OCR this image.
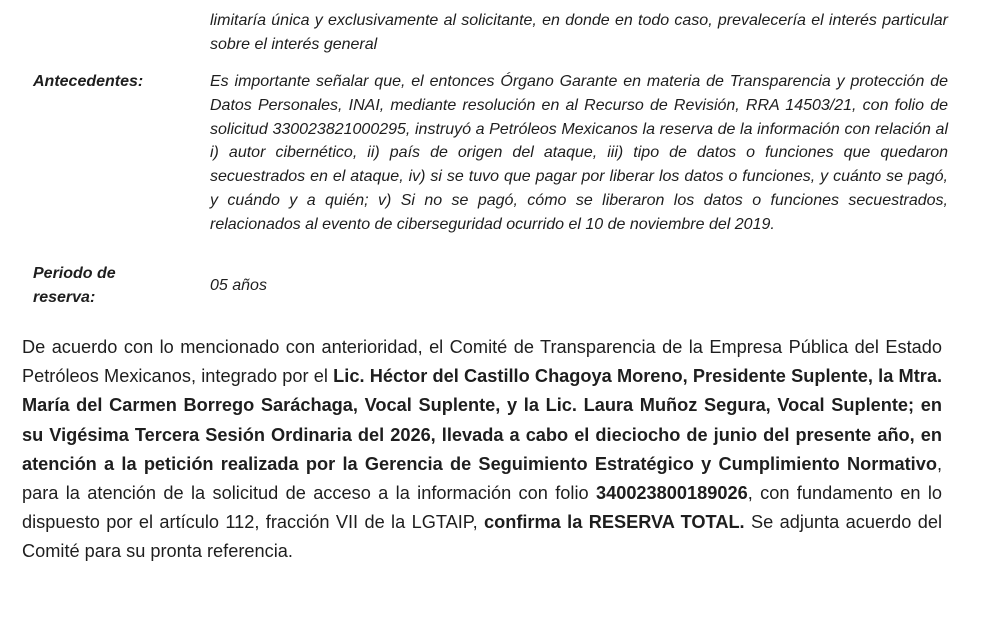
limitaría única y exclusivamente al solicitante, en donde en todo caso, prevalecería el interés particular sobre el interés general
Antecedentes:	Es importante señalar que, el entonces Órgano Garante en materia de Transparencia y protección de Datos Personales, INAI, mediante resolución en al Recurso de Revisión, RRA 14503/21, con folio de solicitud 330023821000295, instruyó a Petróleos Mexicanos la reserva de la información con relación al i) autor cibernético, ii) país de origen del ataque, iii) tipo de datos o funciones que quedaron secuestrados en el ataque, iv) si se tuvo que pagar por liberar los datos o funciones, y cuánto se pagó, y cuándo y a quién; v) Si no se pagó, cómo se liberaron los datos o funciones secuestrados, relacionados al evento de ciberseguridad ocurrido el 10 de noviembre del 2019.
Periodo de reserva:
05 años
De acuerdo con lo mencionado con anterioridad, el Comité de Transparencia de la Empresa Pública del Estado Petróleos Mexicanos, integrado por el Lic. Héctor del Castillo Chagoya Moreno, Presidente Suplente, la Mtra. María del Carmen Borrego Saráchaga, Vocal Suplente, y la Lic. Laura Muñoz Segura, Vocal Suplente; en su Vigésima Tercera Sesión Ordinaria del 2026, llevada a cabo el dieciocho de junio del presente año, en atención a la petición realizada por la Gerencia de Seguimiento Estratégico y Cumplimiento Normativo, para la atención de la solicitud de acceso a la información con folio 340023800189026, con fundamento en lo dispuesto por el artículo 112, fracción VII de la LGTAIP, confirma la RESERVA TOTAL. Se adjunta acuerdo del Comité para su pronta referencia.
